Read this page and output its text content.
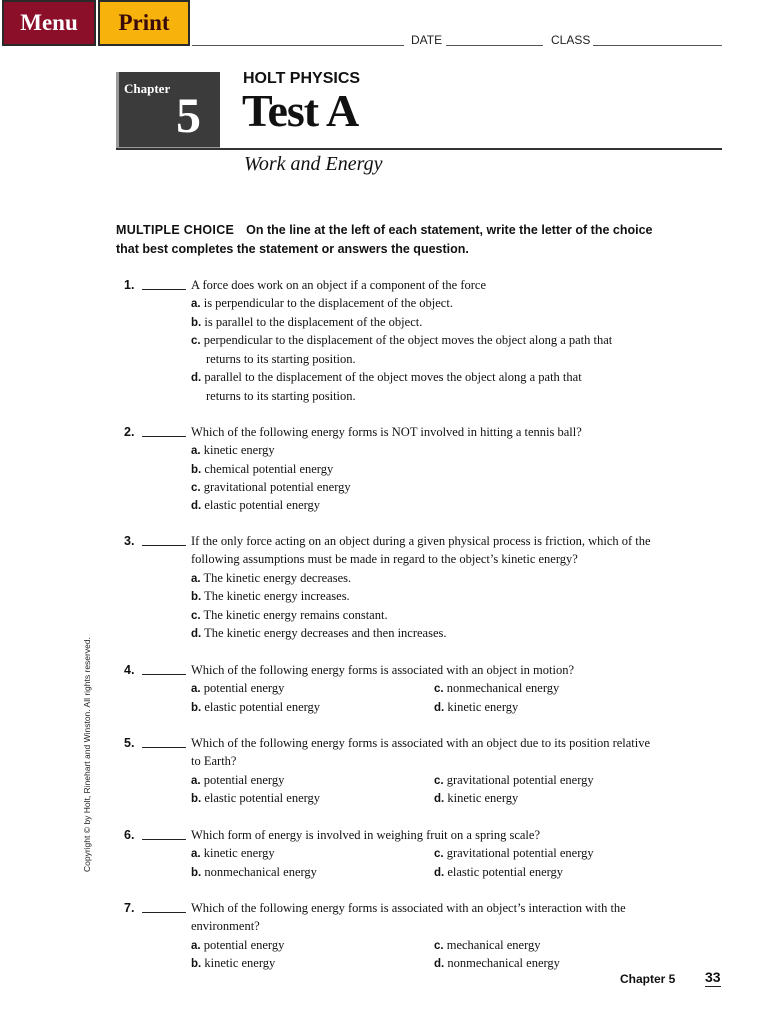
Menu	Print
DATE	CLASS
Chapter 5
HOLT PHYSICS
Test A
Work and Energy
MULTIPLE CHOICE On the line at the left of each statement, write the letter of the choice that best completes the statement or answers the question.
1.	A force does work on an object if a component of the force
a. is perpendicular to the displacement of the object.
b. is parallel to the displacement of the object.
c. perpendicular to the displacement of the object moves the object along a path that
returns to its starting position.
d. parallel to the displacement of the object moves the object along a path that
returns to its starting position.
2.	Which of the following energy forms is NOT involved in hitting a tennis ball?
a. kinetic energy
b. chemical potential energy
c. gravitational potential energy
d. elastic potential energy
3.	If the only force acting on an object during a given physical process is friction, which of the following assumptions must be made in regard to the object’s kinetic energy?
a. The kinetic energy decreases.
b. The kinetic energy increases.
c. The kinetic energy remains constant.
d. The kinetic energy decreases and then increases.
4.	Which of the following energy forms is associated with an object in motion?
a. potential energy	c. nonmechanical energy
b. elastic potential energy	d. kinetic energy
5.	Which of the following energy forms is associated with an object due to its position relative to Earth?
a. potential energy	c. gravitational potential energy
b. elastic potential energy	d. kinetic energy
6.	Which form of energy is involved in weighing fruit on a spring scale?
a. kinetic energy	c. gravitational potential energy
b. nonmechanical energy	d. elastic potential energy
7.	Which of the following energy forms is associated with an object’s interaction with the environment?
a. potential energy	c. mechanical energy
b. kinetic energy	d. nonmechanical energy
Copyright © by Holt, Rinehart and Winston. All rights reserved.
Chapter 5 33
